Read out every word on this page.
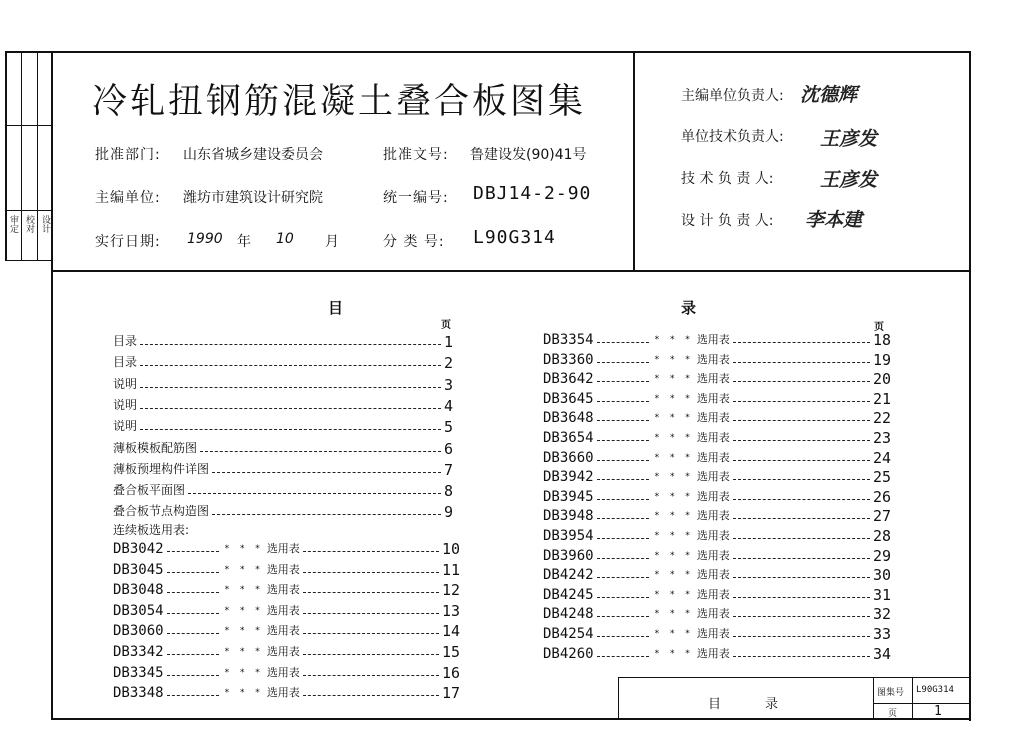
审定 校对 设计
冷轧扭钢筋混凝土叠合板图集
批准部门: 山东省城乡建设委员会	批准文号: 鲁建设发(90)41号
主编单位: 潍坊市建筑设计研究院	统一编号: DBJ14-2-90
实行日期: 1990 年 10 月	分 类 号: L90G314
主编单位负责人: 沈德辉
单位技术负责人: 王彦发
技 术 负 责 人: 王彦发
设 计 负 责 人: 李本建
目	录
页	页
目录	1
目录	2
说明	3
说明	4
说明	5
薄板模板配筋图	6
薄板预埋构件详图	7
叠合板平面图	8
叠合板节点构造图	9
连续板选用表:
DB3042	* * * 选用表	10
DB3045	* * * 选用表	11
DB3048	* * * 选用表	12
DB3054	* * * 选用表	13
DB3060	* * * 选用表	14
DB3342	* * * 选用表	15
DB3345	* * * 选用表	16
DB3348	* * * 选用表	17
DB3354	* * * 选用表	18
DB3360	* * * 选用表	19
DB3642	* * * 选用表	20
DB3645	* * * 选用表	21
DB3648	* * * 选用表	22
DB3654	* * * 选用表	23
DB3660	* * * 选用表	24
DB3942	* * * 选用表	25
DB3945	* * * 选用表	26
DB3948	* * * 选用表	27
DB3954	* * * 选用表	28
DB3960	* * * 选用表	29
DB4242	* * * 选用表	30
DB4245	* * * 选用表	31
DB4248	* * * 选用表	32
DB4254	* * * 选用表	33
DB4260	* * * 选用表	34
目	录
图集号 L90G314
页	1
